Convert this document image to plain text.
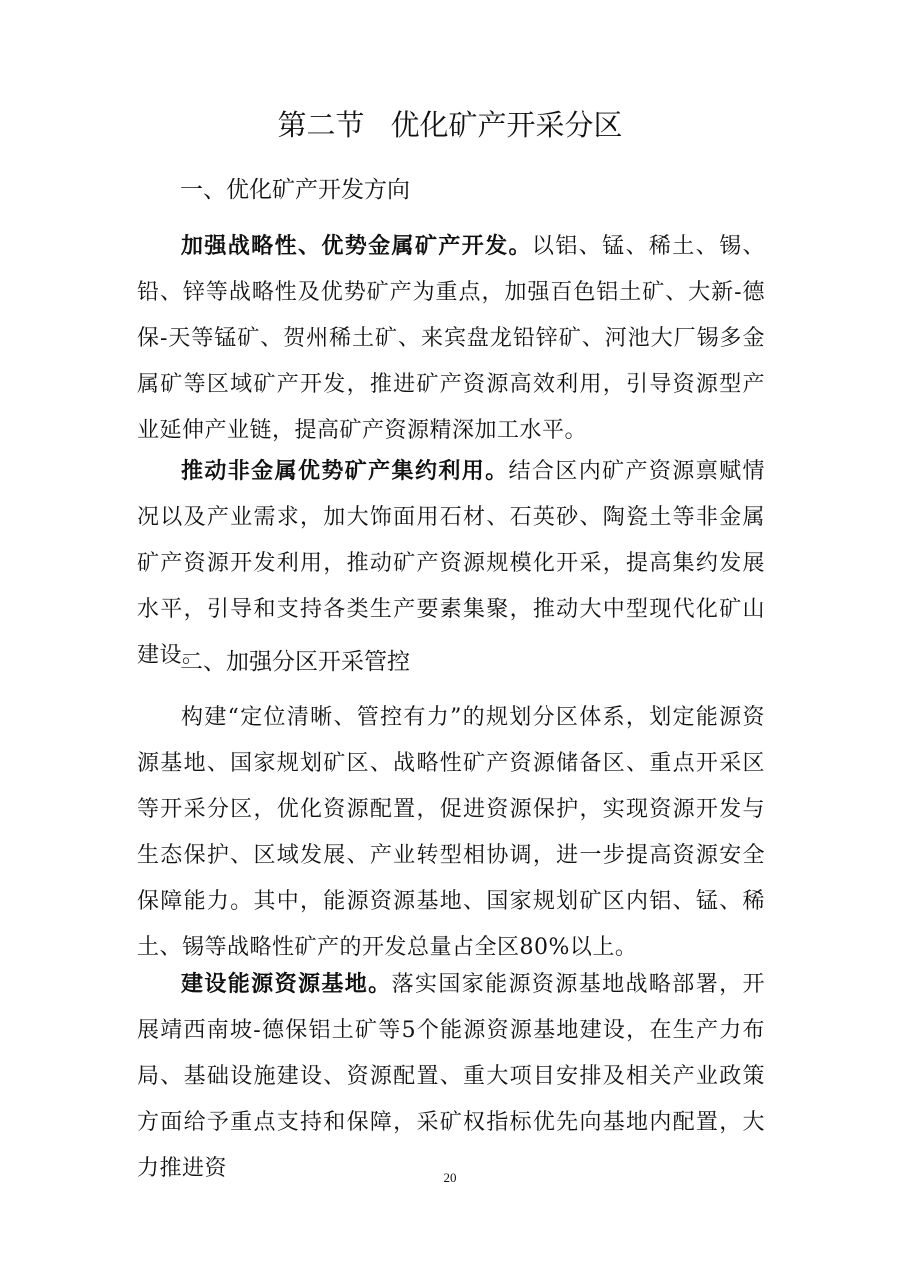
第二节 优化矿产开采分区
一、优化矿产开发方向

加强战略性、优势金属矿产开发。以铝、锰、稀土、锡、铅、锌等战略性及优势矿产为重点，加强百色铝土矿、大新-德保-天等锰矿、贺州稀土矿、来宾盘龙铅锌矿、河池大厂锡多金属矿等区域矿产开发，推进矿产资源高效利用，引导资源型产业延伸产业链，提高矿产资源精深加工水平。

推动非金属优势矿产集约利用。结合区内矿产资源禀赋情况以及产业需求，加大饰面用石材、石英砂、陶瓷土等非金属矿产资源开发利用，推动矿产资源规模化开采，提高集约发展水平，引导和支持各类生产要素集聚，推动大中型现代化矿山建设。

二、加强分区开采管控

构建“定位清晰、管控有力”的规划分区体系，划定能源资源基地、国家规划矿区、战略性矿产资源储备区、重点开采区等开采分区，优化资源配置，促进资源保护，实现资源开发与生态保护、区域发展、产业转型相协调，进一步提高资源安全保障能力。其中，能源资源基地、国家规划矿区内铝、锰、稀土、锡等战略性矿产的开发总量占全区80%以上。

建设能源资源基地。落实国家能源资源基地战略部署，开展靖西南坡-德保铝土矿等5个能源资源基地建设，在生产力布局、基础设施建设、资源配置、重大项目安排及相关产业政策方面给予重点支持和保障，采矿权指标优先向基地内配置，大力推进资	20
